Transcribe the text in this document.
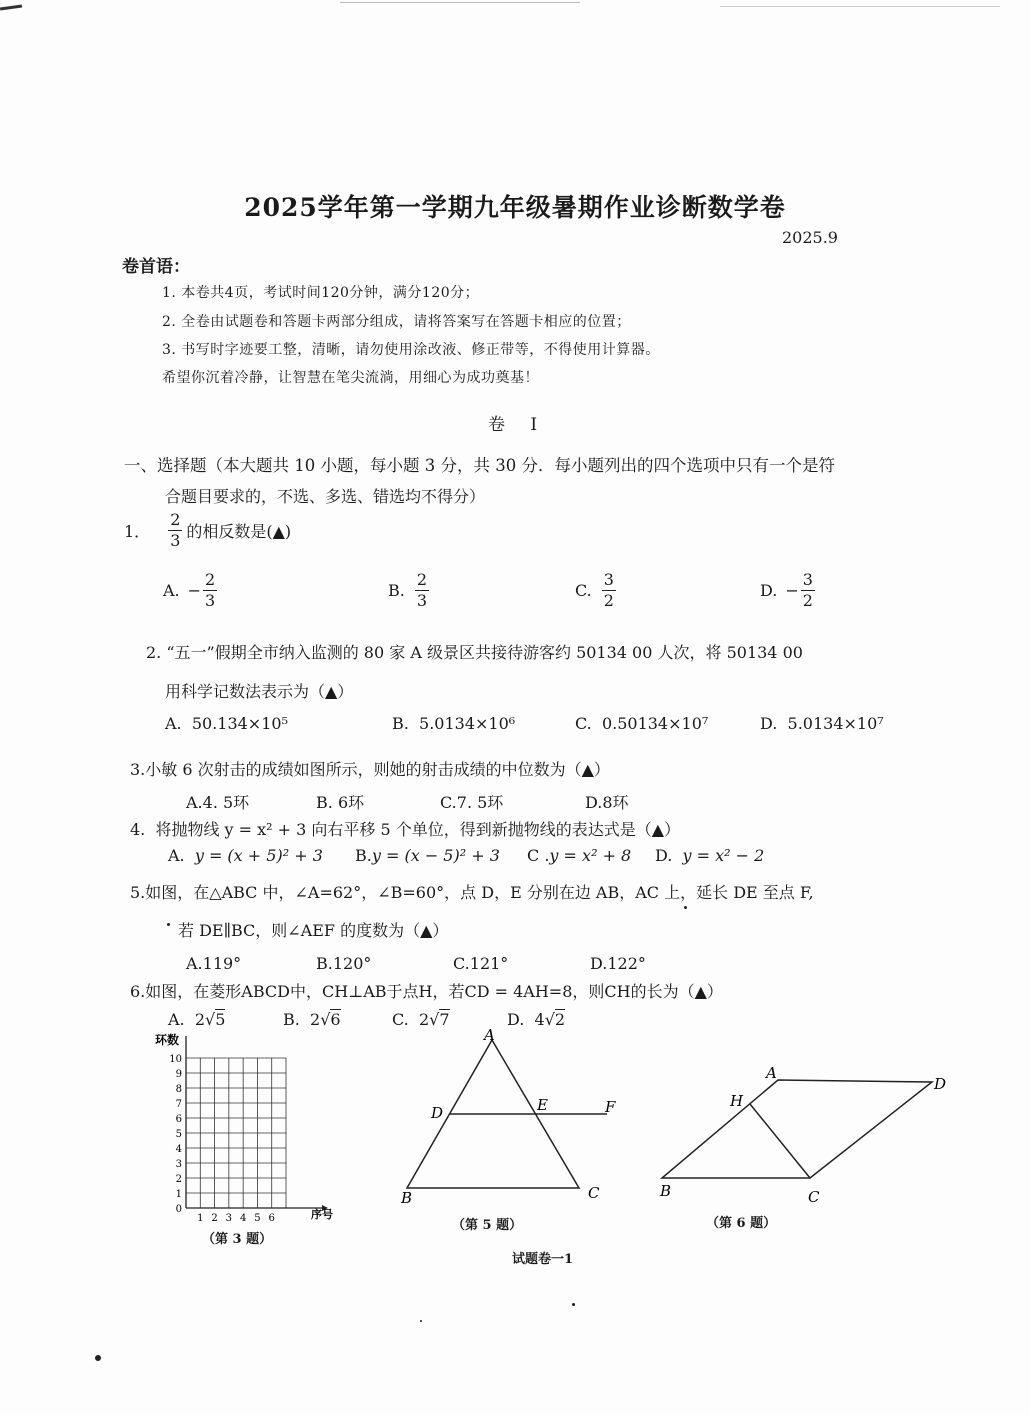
2025学年第一学期九年级暑期作业诊断数学卷
2025.9
卷首语：
1. 本卷共4页，考试时间120分钟，满分120分；
2. 全卷由试题卷和答题卡两部分组成，请将答案写在答题卡相应的位置；
3. 书写时字迹要工整，清晰，请勿使用涂改液、修正带等，不得使用计算器。
希望你沉着冷静，让智慧在笔尖流淌，用细心为成功奠基！
卷 I
一、选择题（本大题共 10 小题，每小题 3 分，共 30 分．每小题列出的四个选项中只有一个是符
合题目要求的，不选、多选、错选均不得分）
1． $\frac{2}{3}$ 的相反数是(▲)
A. − $\frac{2}{3}$	B. $\frac{2}{3}$	C. $\frac{3}{2}$	D. − $\frac{3}{2}$
2. “五一”假期全市纳入监测的 80 家 A 级景区共接待游客约 50134 00 人次，将 50134 00
用科学记数法表示为（▲）
A. 50.134×10⁵	B. 5.0134×10⁶	C. 0.50134×10⁷	D. 5.0134×10⁷
3.小敏 6 次射击的成绩如图所示，则她的射击成绩的中位数为（▲）
A.4. 5环	B. 6环	C.7. 5环	D.8环
4. 将抛物线 y = x² + 3 向右平移 5 个单位，得到新抛物线的表达式是（▲）
A. y = (x + 5)² + 3 B.y = (x − 5)² + 3 C .y = x² + 8 D. y = x² − 2
5.如图，在△ABC 中，∠A=62°，∠B=60°，点 D，E 分别在边 AB，AC 上，延长 DE 至点 F,
若 DE∥BC，则∠AEF 的度数为（▲）
A.119°	B.120°	C.121°	D.122°
6.如图，在菱形ABCD中，CH⊥AB于点H，若CD = 4AH=8，则CH的长为（▲）
A. 2√5	B. 2√6	C. 2√7	D. 4√2
环数
0
1
2
3
4
5
6
7
8
9
10
1 2 3 4 5 6	序号
（第 3 题）
A
B	C
D	E	F
（第 5 题）
A
B	C
D
H
（第 6 题）
试题卷一1
